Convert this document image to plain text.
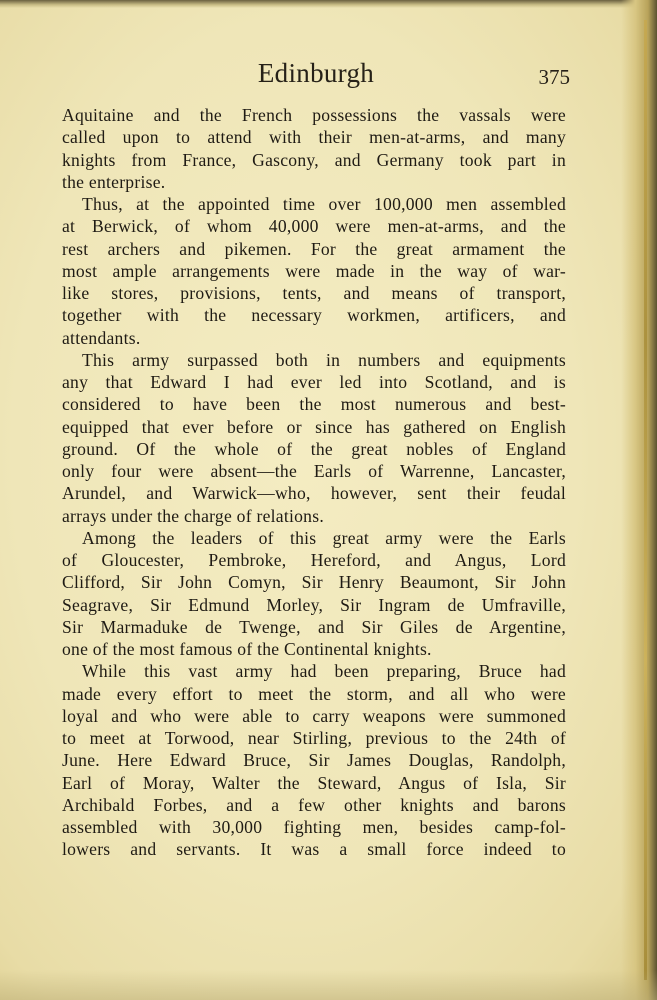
Edinburgh	375
Aquitaine and the French possessions the vassals were
called upon to attend with their men-at-arms, and many
knights from France, Gascony, and Germany took part in
the enterprise.
Thus, at the appointed time over 100,000 men assembled
at Berwick, of whom 40,000 were men-at-arms, and the
rest archers and pikemen. For the great armament the
most ample arrangements were made in the way of war-
like stores, provisions, tents, and means of transport,
together with the necessary workmen, artificers, and
attendants.
This army surpassed both in numbers and equipments
any that Edward I had ever led into Scotland, and is
considered to have been the most numerous and best-
equipped that ever before or since has gathered on English
ground. Of the whole of the great nobles of England
only four were absent—the Earls of Warrenne, Lancaster,
Arundel, and Warwick—who, however, sent their feudal
arrays under the charge of relations.
Among the leaders of this great army were the Earls
of Gloucester, Pembroke, Hereford, and Angus, Lord
Clifford, Sir John Comyn, Sir Henry Beaumont, Sir John
Seagrave, Sir Edmund Morley, Sir Ingram de Umfraville,
Sir Marmaduke de Twenge, and Sir Giles de Argentine,
one of the most famous of the Continental knights.
While this vast army had been preparing, Bruce had
made every effort to meet the storm, and all who were
loyal and who were able to carry weapons were summoned
to meet at Torwood, near Stirling, previous to the 24th of
June. Here Edward Bruce, Sir James Douglas, Randolph,
Earl of Moray, Walter the Steward, Angus of Isla, Sir
Archibald Forbes, and a few other knights and barons
assembled with 30,000 fighting men, besides camp-fol-
lowers and servants. It was a small force indeed to
